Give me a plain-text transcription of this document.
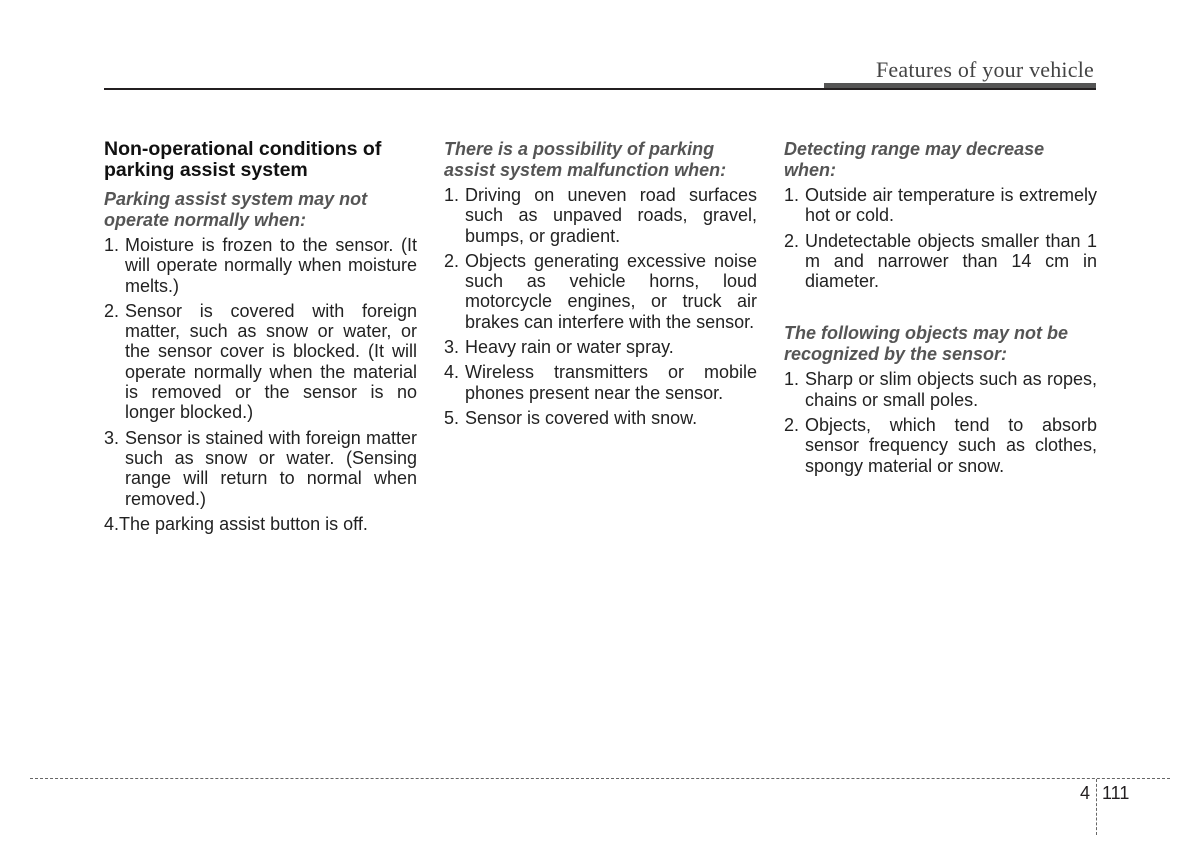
Features of your vehicle
Non-operational conditions of parking assist system
Parking assist system may not operate normally when:
1. Moisture is frozen to the sensor. (It will operate normally when moisture melts.)
2. Sensor is covered with foreign matter, such as snow or water, or the sensor cover is blocked. (It will operate normally when the material is removed or the sensor is no longer blocked.)
3. Sensor is stained with foreign matter such as snow or water. (Sensing range will return to normal when removed.)
4.The parking assist button is off.
There is a possibility of parking assist system malfunction when:
1. Driving on uneven road surfaces such as unpaved roads, gravel, bumps, or gradient.
2. Objects generating excessive noise such as vehicle horns, loud motorcycle engines, or truck air brakes can interfere with the sensor.
3. Heavy rain or water spray.
4. Wireless transmitters or mobile phones present near the sensor.
5. Sensor is covered with snow.
Detecting range may decrease when:
1. Outside air temperature is extremely hot or cold.
2. Undetectable objects smaller than 1 m and narrower than 14 cm in diameter.
The following objects may not be recognized by the sensor:
1. Sharp or slim objects such as ropes, chains or small poles.
2. Objects, which tend to absorb sensor frequency such as clothes, spongy material or snow.
4 111
